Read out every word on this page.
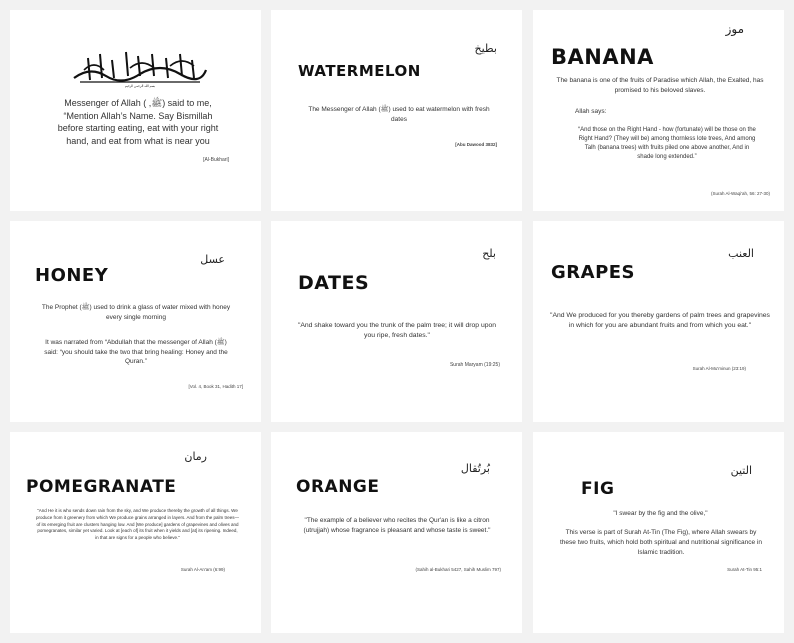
بسم الله الرحمن الرحيم
Messenger of Allah ( ,ﷺ) said to me, “Mention Allah’s Name. Say Bismillah before starting eating, eat with your right hand, and eat from what is near you
[Al-Bukhari]
بطيخ
WATERMELON
The Messenger of Allah (ﷺ) used to eat watermelon with fresh dates
[Abu Dawood 3832]
موز
BANANA
The banana is one of the fruits of Paradise which Allah, the Exalted, has promised to his beloved slaves.
Allah says:
“And those on the Right Hand - how (fortunate) will be those on the Right Hand? (They will be) among thornless lote trees, And among Talh (banana trees) with fruits piled one above another, And in shade long extended.”
(Surah Al-Waqi'ah, 56: 27-30)
عسل
HONEY
The Prophet (ﷺ) used to drink a glass of water mixed with honey every single morning
It was narrated from “Abdullah that the messenger of Allah (ﷺ) said: “you should take the two that bring healing: Honey and the Quran.”
[Vol. 4, Book 31, Hadith 17]
بلح
DATES
"And shake toward you the trunk of the palm tree; it will drop upon you ripe, fresh dates."
Surah Maryam (19:25)
العنب
GRAPES
"And We produced for you thereby gardens of palm trees and grapevines in which for you are abundant fruits and from which you eat."
Surah Al-Mu'minun (23:19)
رمان
POMEGRANATE
"And He it is who sends down rain from the sky, and We produce thereby the growth of all things. We produce from it greenery from which We produce grains arranged in layers. And from the palm trees—of its emerging fruit are clusters hanging low. And [We produce] gardens of grapevines and olives and pomegranates, similar yet varied. Look at [each of] its fruit when it yields and [at] its ripening. Indeed, in that are signs for a people who believe."
Surah Al-An'am (6:99)
بُرتُقال
ORANGE
"The example of a believer who recites the Qur'an is like a citron (utrujjah) whose fragrance is pleasant and whose taste is sweet."
(Sahih al-Bukhari 5427, Sahih Muslim 797)
التين
FIG
"I swear by the fig and the olive,"
This verse is part of Surah At-Tin (The Fig), where Allah swears by these two fruits, which hold both spiritual and nutritional significance in Islamic tradition.
Surah At-Tin 95:1
